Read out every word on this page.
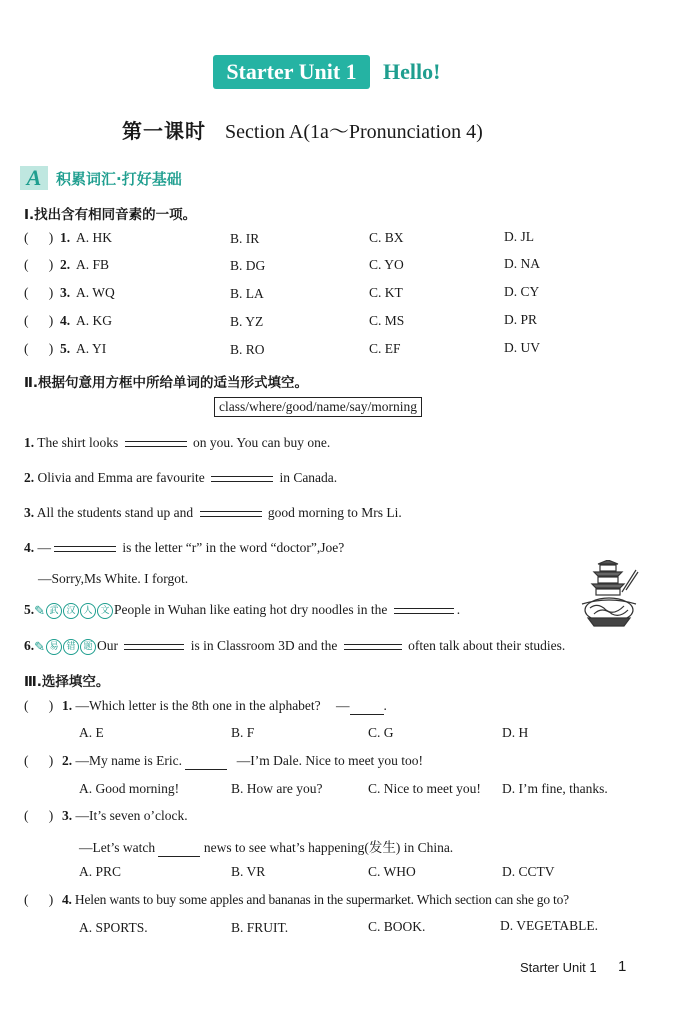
Starter Unit 1	Hello!
第一课时 Section A(1a～Pronunciation 4)
A 积累词汇·打好基础
Ⅰ.找出含有相同音素的一项。
(      ) 1. A. HK	B. IR	C. BX	D. JL
(      ) 2. A. FB	B. DG	C. YO	D. NA
(      ) 3. A. WQ	B. LA	C. KT	D. CY
(      ) 4. A. KG	B. YZ	C. MS	D. PR
(      ) 5. A. YI	B. RO	C. EF	D. UV
Ⅱ.根据句意用方框中所给单词的适当形式填空。
class/where/good/name/say/morning
1. The shirt looks	on you. You can buy one.
2. Olivia and Emma are favourite	in Canada.
3. All the students stand up and	good morning to Mrs Li.
4. —	is the letter “r” in the word “doctor”,Joe?
—Sorry,Ms White. I forgot.
5.✎ 武 汉 人 文 People in Wuhan like eating hot dry noodles in the	.
6.✎ 易 错 题 Our	is in Classroom 3D and the	often talk about their studies.
Ⅲ.选择填空。
(      ) 1. —Which letter is the 8th one in the alphabet? —	.
A. E	B. F	C. G	D. H
(      ) 2. —My name is Eric.	—I’m Dale. Nice to meet you too!
A. Good morning!	B. How are you?	C. Nice to meet you! D. I’m fine, thanks.
(      ) 3. —It’s seven o’clock.
—Let’s watch	news to see what’s happening(发生) in China.
A. PRC	B. VR	C. WHO	D. CCTV
(      ) 4. Helen wants to buy some apples and bananas in the supermarket. Which section can she go to?
A. SPORTS.	B. FRUIT.	C. BOOK.	D. VEGETABLE.
Starter Unit 1 1
